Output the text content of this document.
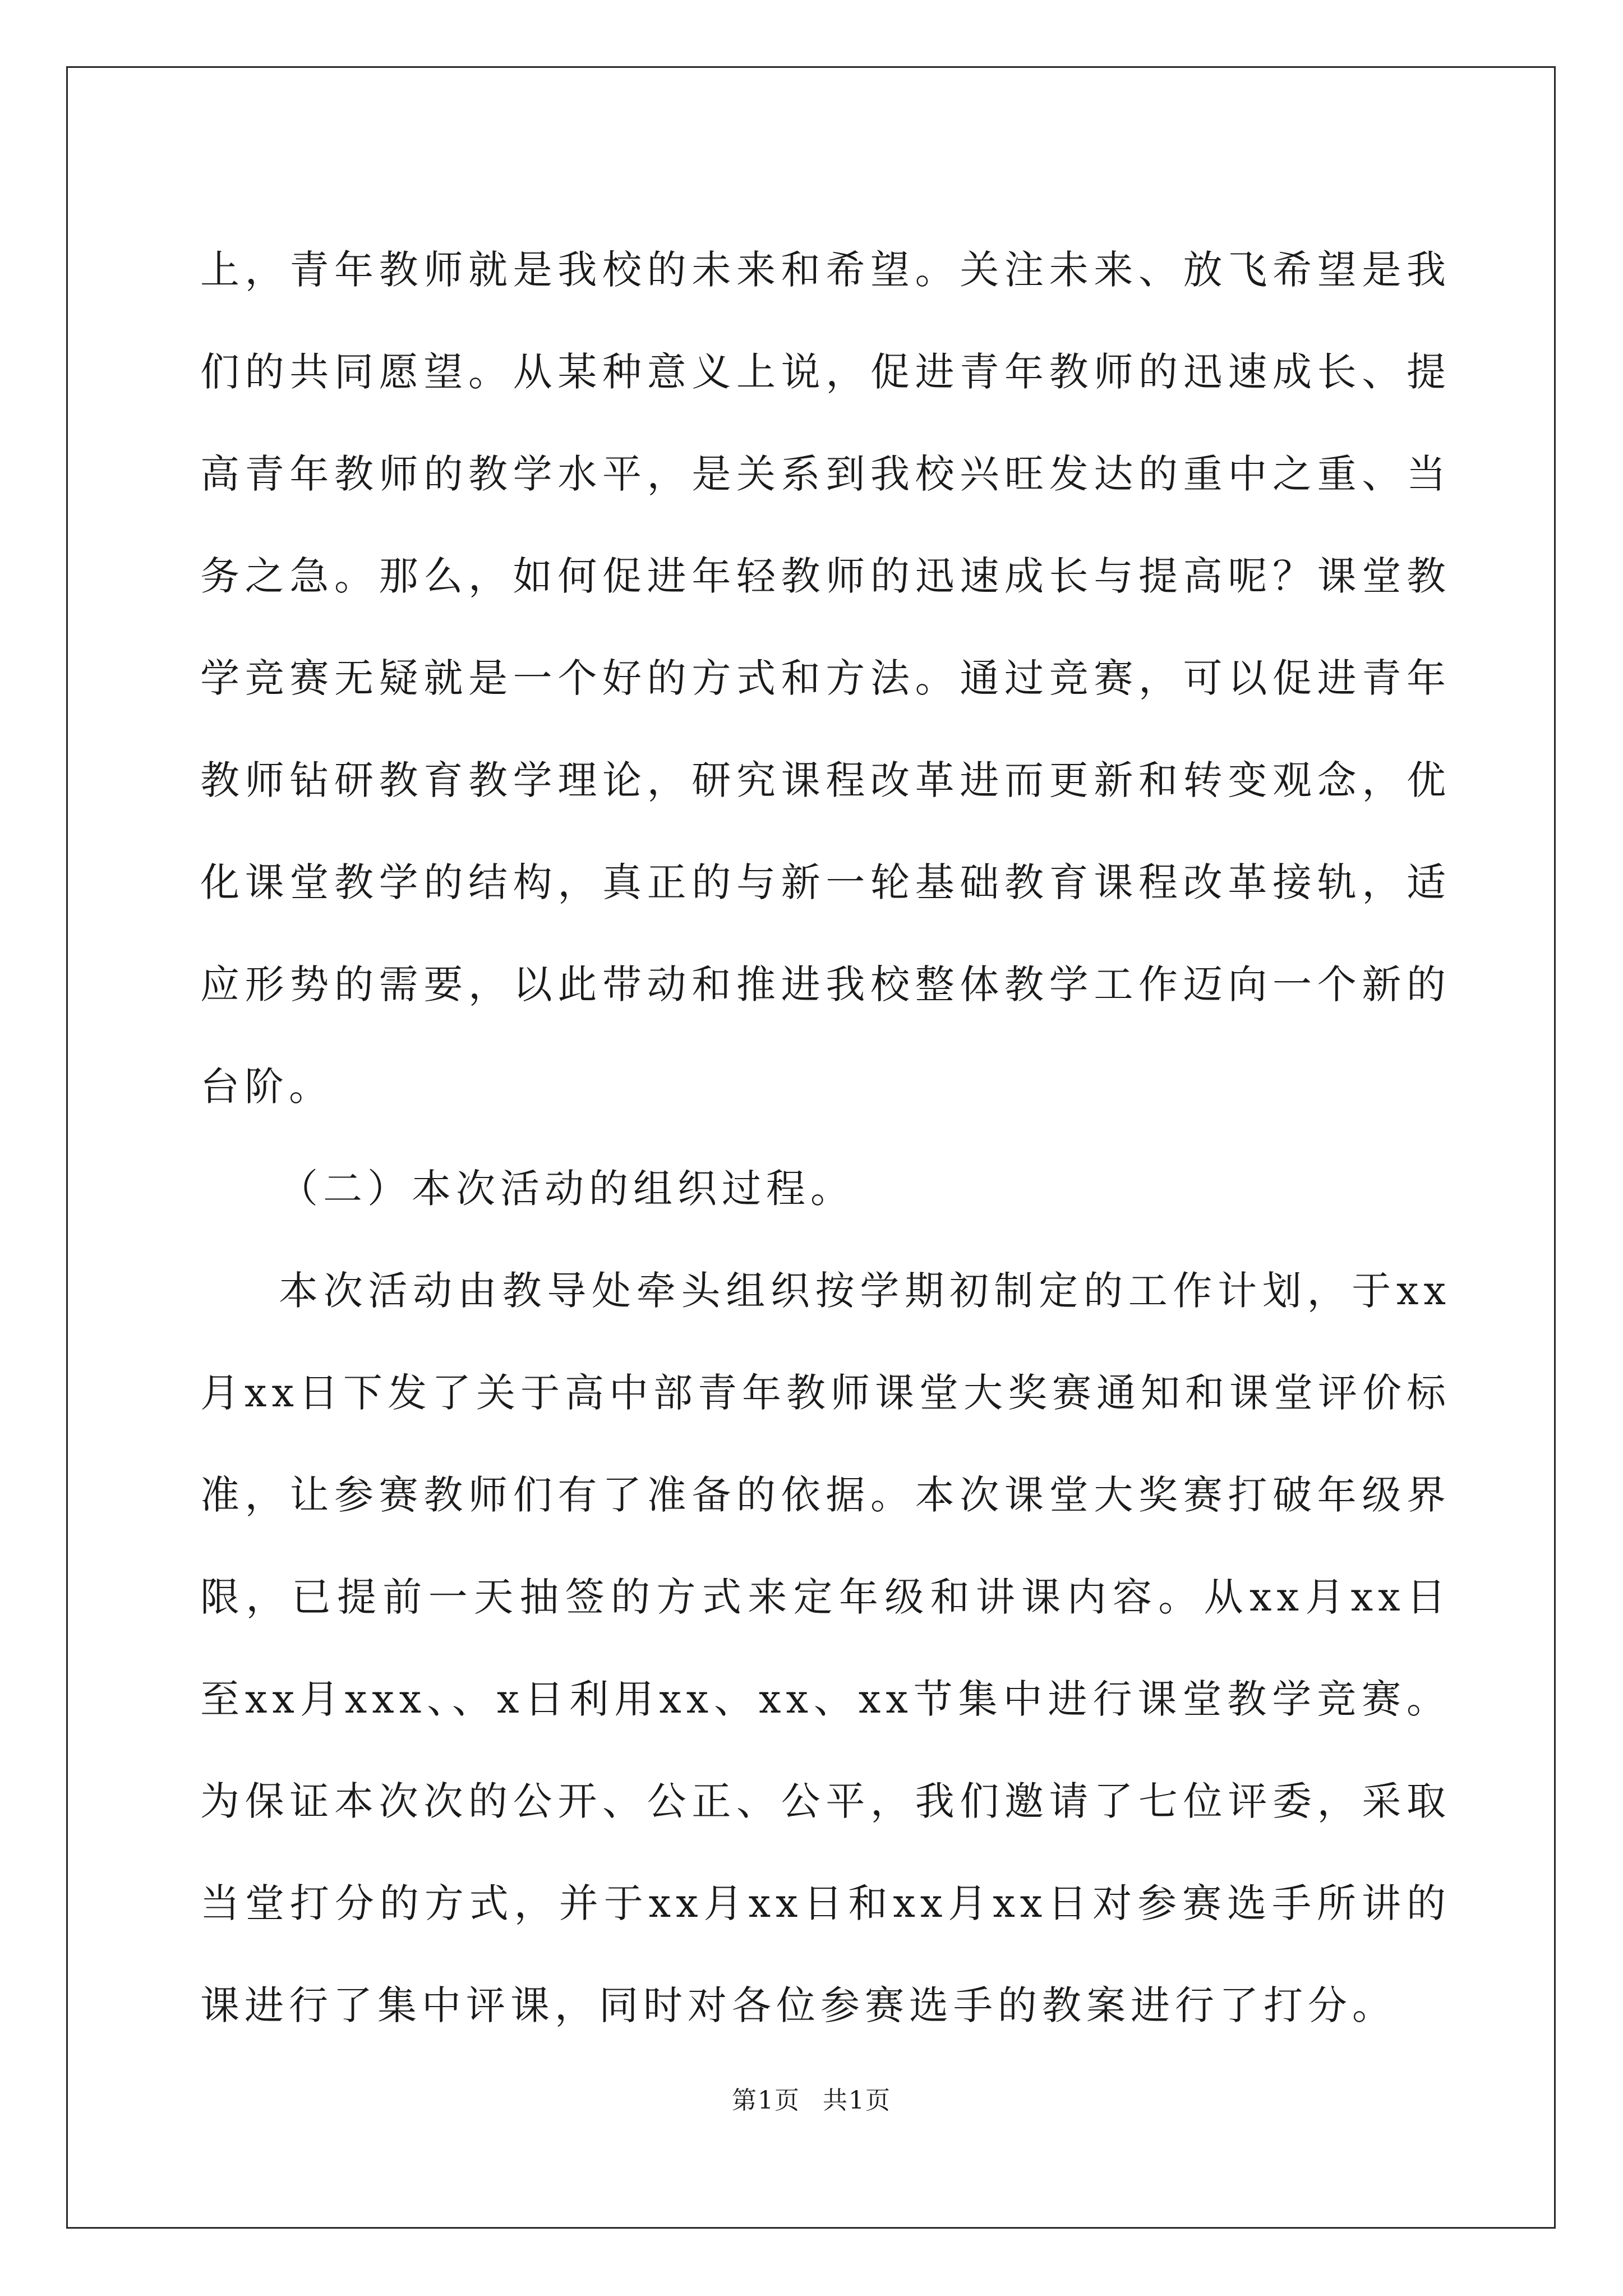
上，青年教师就是我校的未来和希望。关注未来、放飞希望是我们的共同愿望。从某种意义上说，促进青年教师的迅速成长、提高青年教师的教学水平，是关系到我校兴旺发达的重中之重、当务之急。那么，如何促进年轻教师的迅速成长与提高呢？课堂教学竞赛无疑就是一个好的方式和方法。通过竞赛，可以促进青年教师钻研教育教学理论，研究课程改革进而更新和转变观念，优化课堂教学的结构，真正的与新一轮基础教育课程改革接轨，适应形势的需要，以此带动和推进我校整体教学工作迈向一个新的台阶。

（二）本次活动的组织过程。

本次活动由教导处牵头组织按学期初制定的工作计划，于xx月xx日下发了关于高中部青年教师课堂大奖赛通知和课堂评价标准，让参赛教师们有了准备的依据。本次课堂大奖赛打破年级界限，已提前一天抽签的方式来定年级和讲课内容。从xx月xx日至xx月xxx、、x日利用xx、xx、xx节集中进行课堂教学竞赛。为保证本次次的公开、公正、公平，我们邀请了七位评委，采取当堂打分的方式，并于xx月xx日和xx月xx日对参赛选手所讲的课进行了集中评课，同时对各位参赛选手的教案进行了打分。

第1页 共1页
